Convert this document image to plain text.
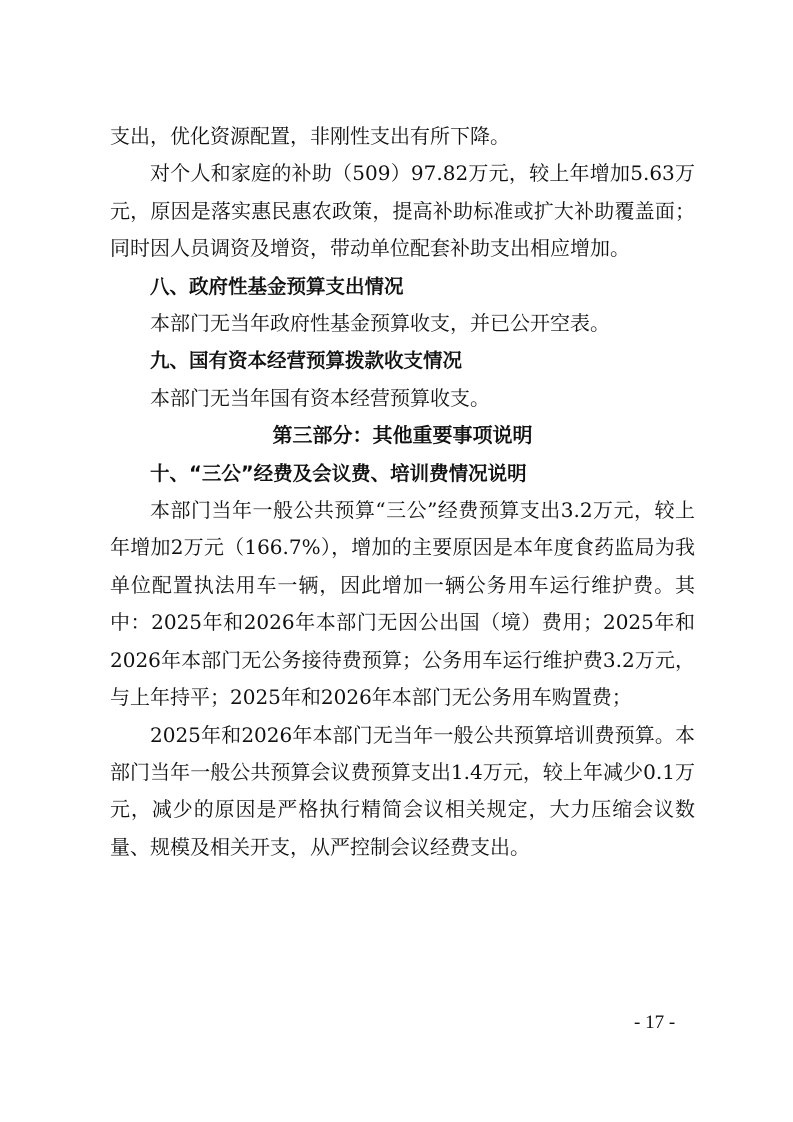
支出，优化资源配置，非刚性支出有所下降。

对个人和家庭的补助（509）97.82万元，较上年增加5.63万元，原因是落实惠民惠农政策，提高补助标准或扩大补助覆盖面；同时因人员调资及增资，带动单位配套补助支出相应增加。

八、政府性基金预算支出情况

本部门无当年政府性基金预算收支，并已公开空表。

九、国有资本经营预算拨款收支情况

本部门无当年国有资本经营预算收支。

第三部分：其他重要事项说明

十、“三公”经费及会议费、培训费情况说明

本部门当年一般公共预算“三公”经费预算支出3.2万元，较上年增加2万元（166.7%），增加的主要原因是本年度食药监局为我单位配置执法用车一辆，因此增加一辆公务用车运行维护费。其中：2025年和2026年本部门无因公出国（境）费用；2025年和2026年本部门无公务接待费预算；公务用车运行维护费3.2万元，与上年持平；2025年和2026年本部门无公务用车购置费；

2025年和2026年本部门无当年一般公共预算培训费预算。本部门当年一般公共预算会议费预算支出1.4万元，较上年减少0.1万元，减少的原因是严格执行精简会议相关规定，大力压缩会议数量、规模及相关开支，从严控制会议经费支出。

- 17 -
